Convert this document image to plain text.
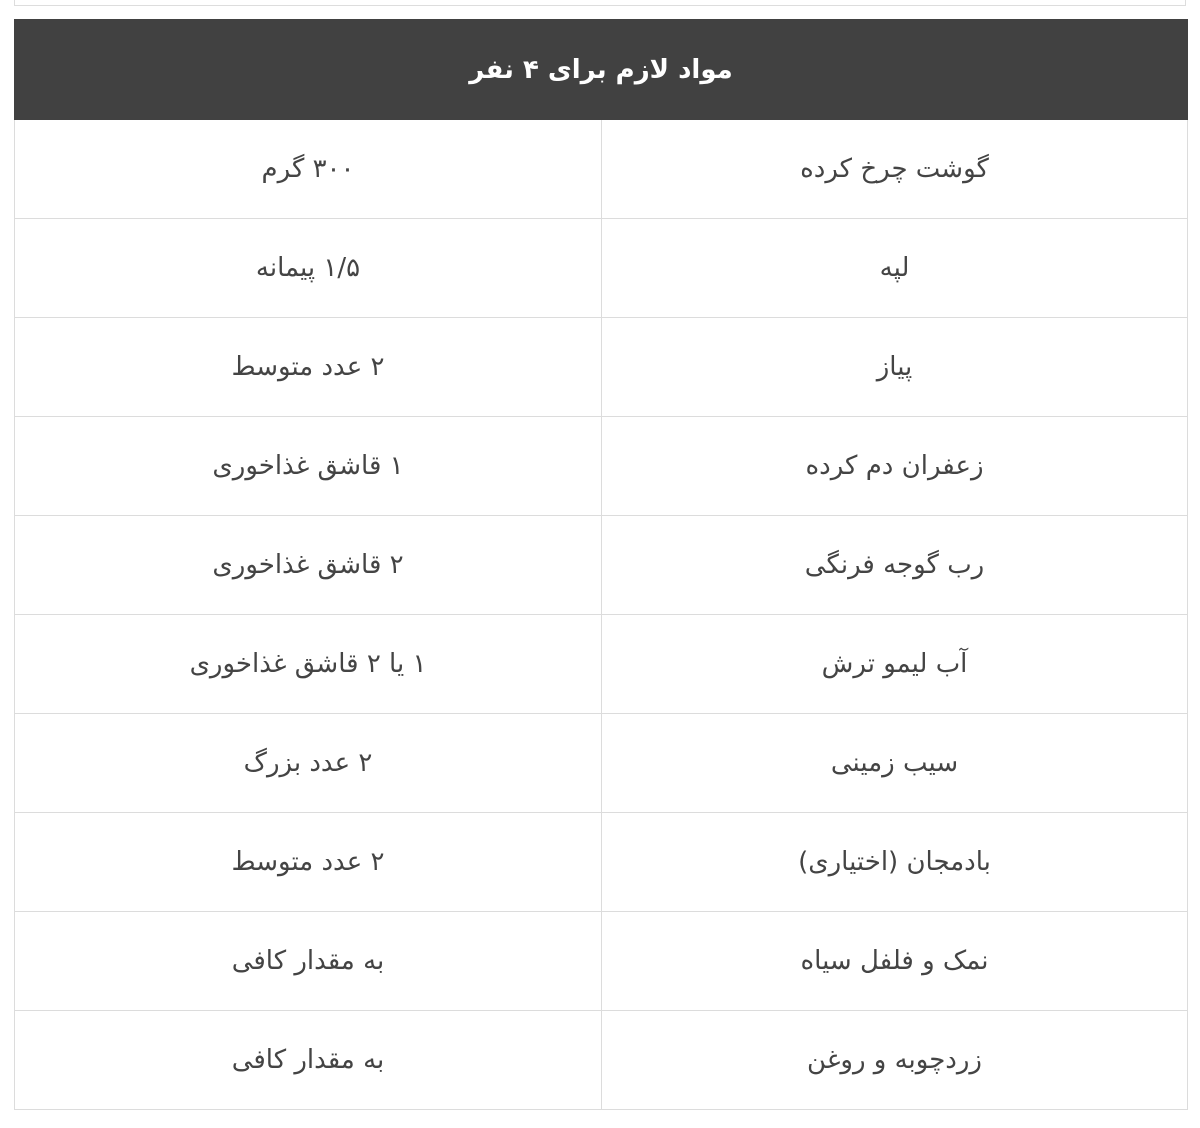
مواد لازم برای ۴ نفر	
گوشت چرخ کرده	۳۰۰ گرم
لپه	۱/۵ پیمانه
پیاز	۲ عدد متوسط
زعفران دم کرده	۱ قاشق غذاخوری
رب گوجه فرنگی	۲ قاشق غذاخوری
آب لیمو ترش	۱ یا ۲ قاشق غذاخوری
سیب زمینی	۲ عدد بزرگ
بادمجان (اختیاری)	۲ عدد متوسط
نمک و فلفل سیاه	به مقدار کافی
زردچوبه و روغن	به مقدار کافی
